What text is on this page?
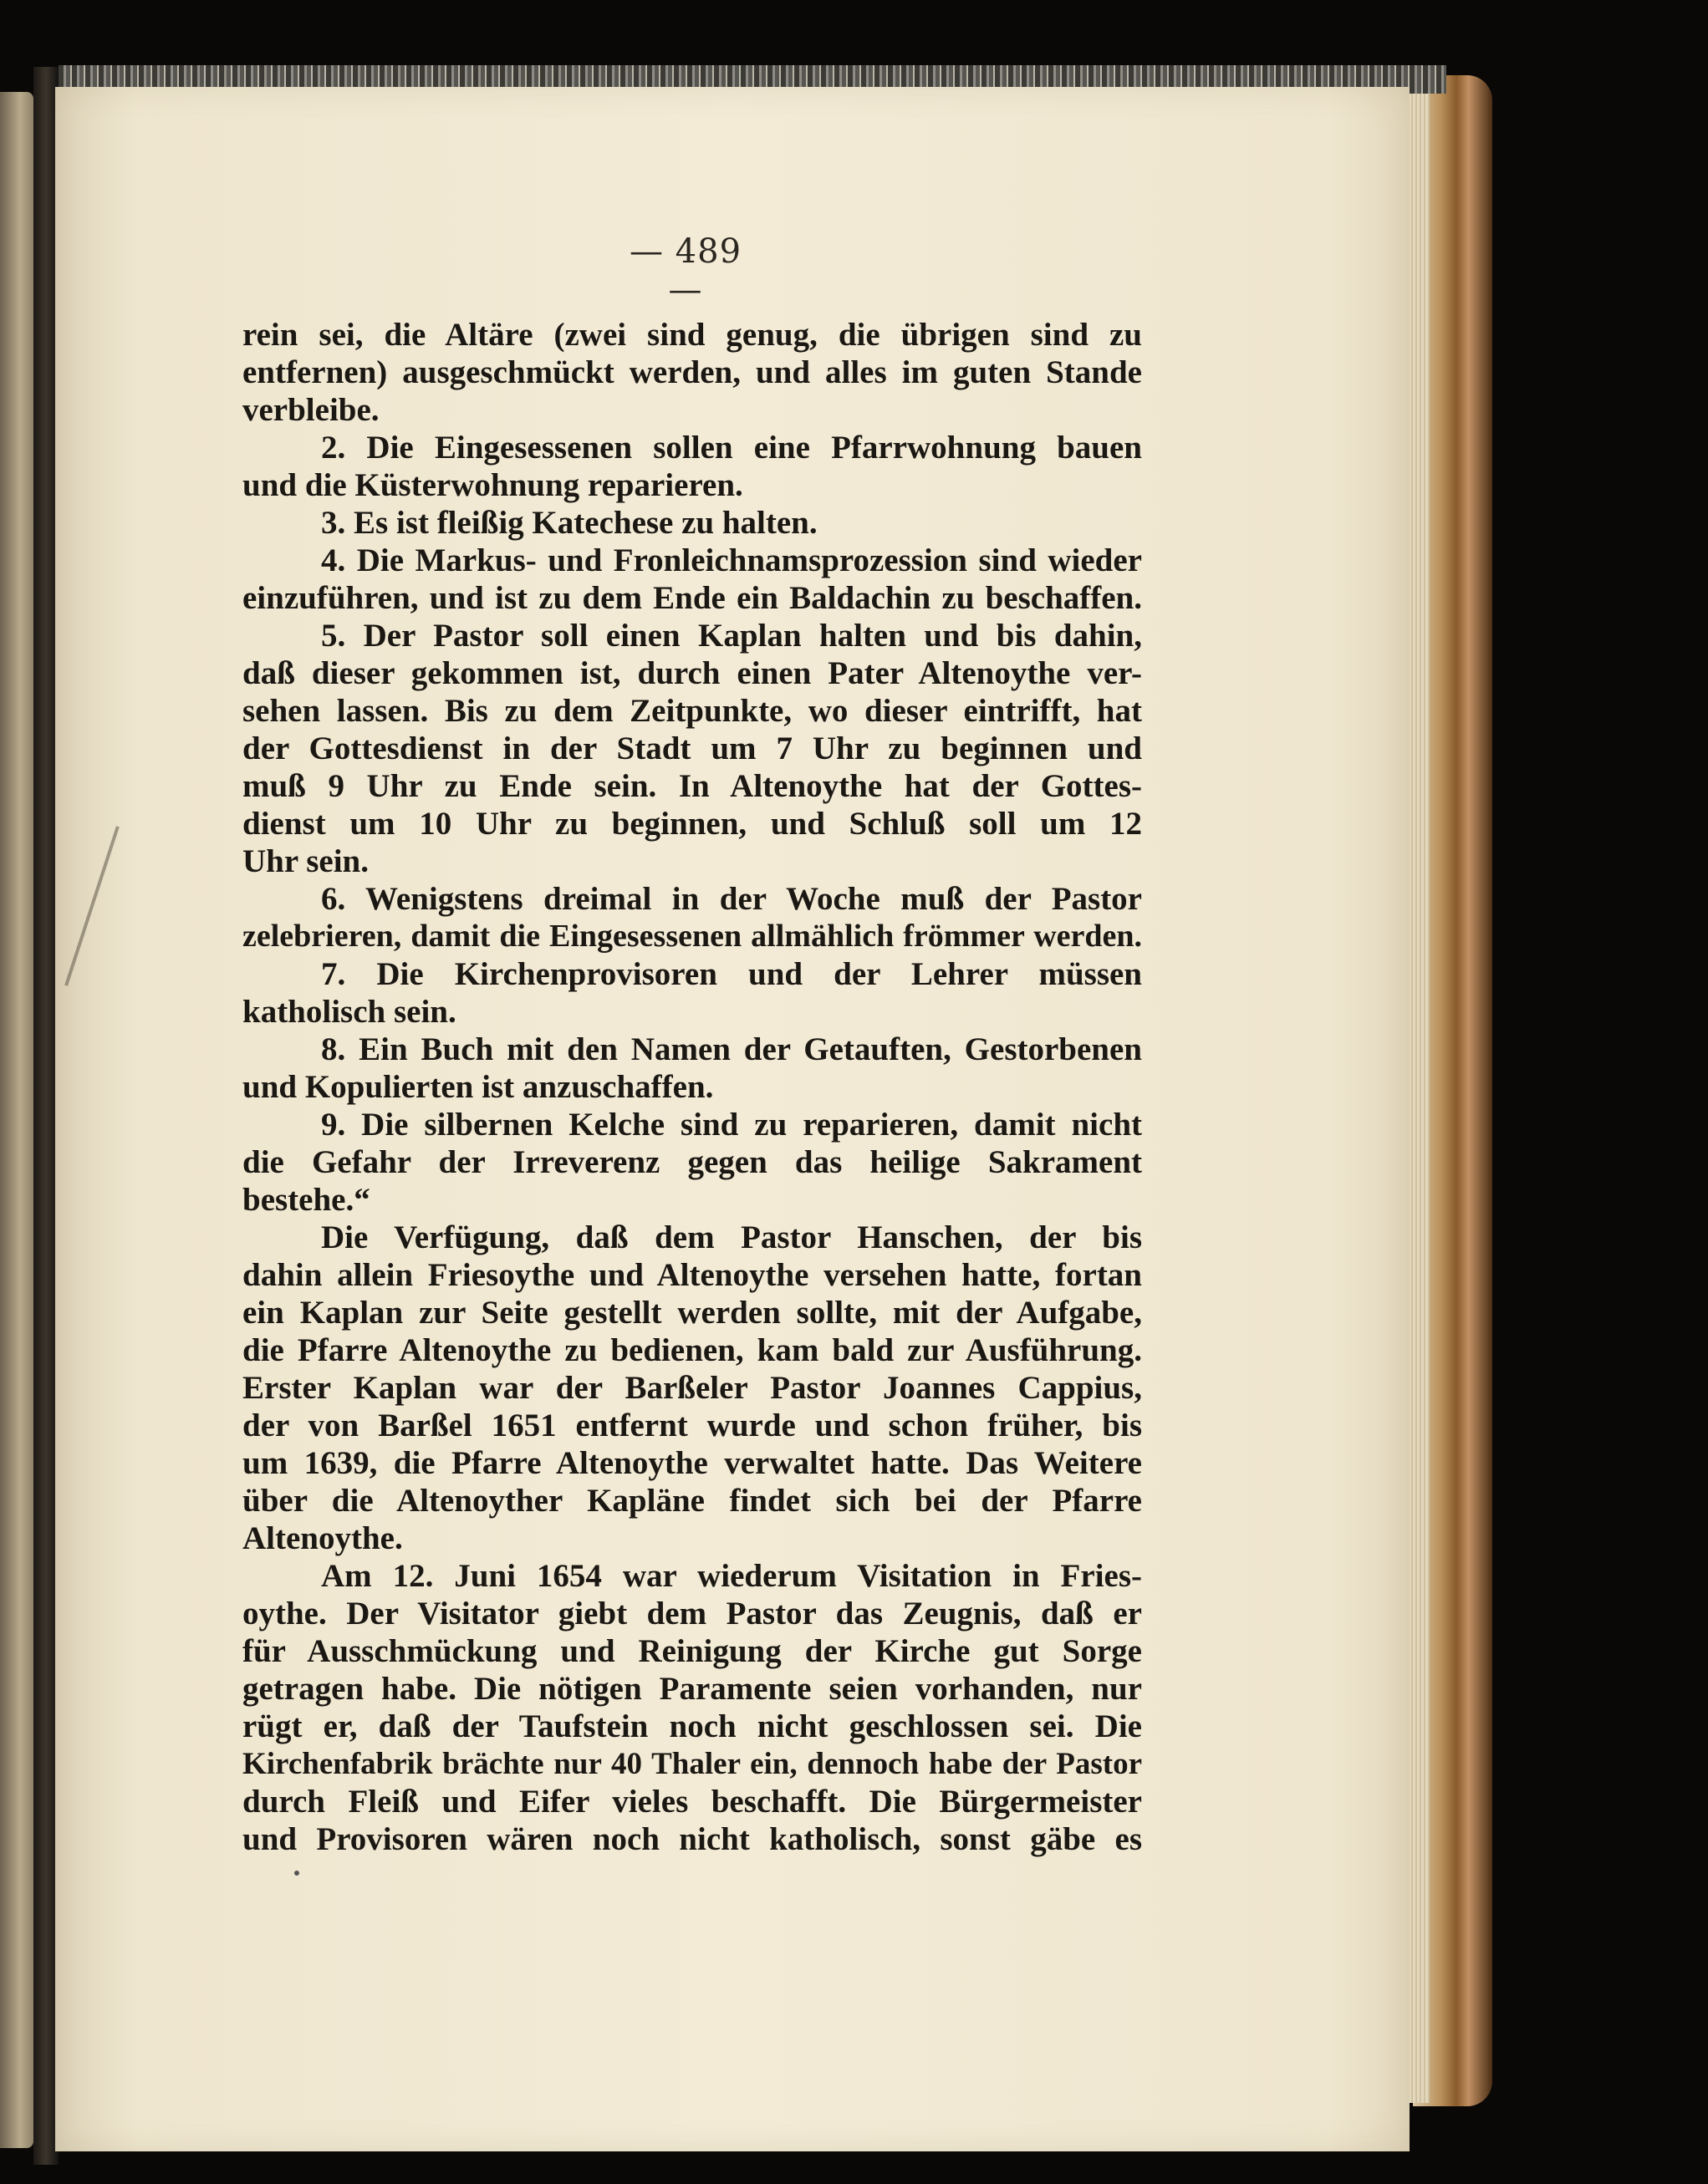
— 489 —
rein sei, die Altäre (zwei sind genug, die übrigen sind zu
entfernen) ausgeschmückt werden, und alles im guten Stande
verbleibe.
2. Die Eingesessenen sollen eine Pfarrwohnung bauen
und die Küsterwohnung reparieren.
3. Es ist fleißig Katechese zu halten.
4. Die Markus- und Fronleichnamsprozession sind wieder
einzuführen, und ist zu dem Ende ein Baldachin zu beschaffen.
5. Der Pastor soll einen Kaplan halten und bis dahin,
daß dieser gekommen ist, durch einen Pater Altenoythe ver-
sehen lassen. Bis zu dem Zeitpunkte, wo dieser eintrifft, hat
der Gottesdienst in der Stadt um 7 Uhr zu beginnen und
muß 9 Uhr zu Ende sein. In Altenoythe hat der Gottes-
dienst um 10 Uhr zu beginnen, und Schluß soll um 12
Uhr sein.
6. Wenigstens dreimal in der Woche muß der Pastor
zelebrieren, damit die Eingesessenen allmählich frömmer werden.
7. Die Kirchenprovisoren und der Lehrer müssen
katholisch sein.
8. Ein Buch mit den Namen der Getauften, Gestorbenen
und Kopulierten ist anzuschaffen.
9. Die silbernen Kelche sind zu reparieren, damit nicht
die Gefahr der Irreverenz gegen das heilige Sakrament
bestehe.“
Die Verfügung, daß dem Pastor Hanschen, der bis
dahin allein Friesoythe und Altenoythe versehen hatte, fortan
ein Kaplan zur Seite gestellt werden sollte, mit der Aufgabe,
die Pfarre Altenoythe zu bedienen, kam bald zur Ausführung.
Erster Kaplan war der Barßeler Pastor Joannes Cappius,
der von Barßel 1651 entfernt wurde und schon früher, bis
um 1639, die Pfarre Altenoythe verwaltet hatte. Das Weitere
über die Altenoyther Kapläne findet sich bei der Pfarre
Altenoythe.
Am 12. Juni 1654 war wiederum Visitation in Fries-
oythe. Der Visitator giebt dem Pastor das Zeugnis, daß er
für Ausschmückung und Reinigung der Kirche gut Sorge
getragen habe. Die nötigen Paramente seien vorhanden, nur
rügt er, daß der Taufstein noch nicht geschlossen sei. Die
Kirchenfabrik brächte nur 40 Thaler ein, dennoch habe der Pastor
durch Fleiß und Eifer vieles beschafft. Die Bürgermeister
und Provisoren wären noch nicht katholisch, sonst gäbe es
